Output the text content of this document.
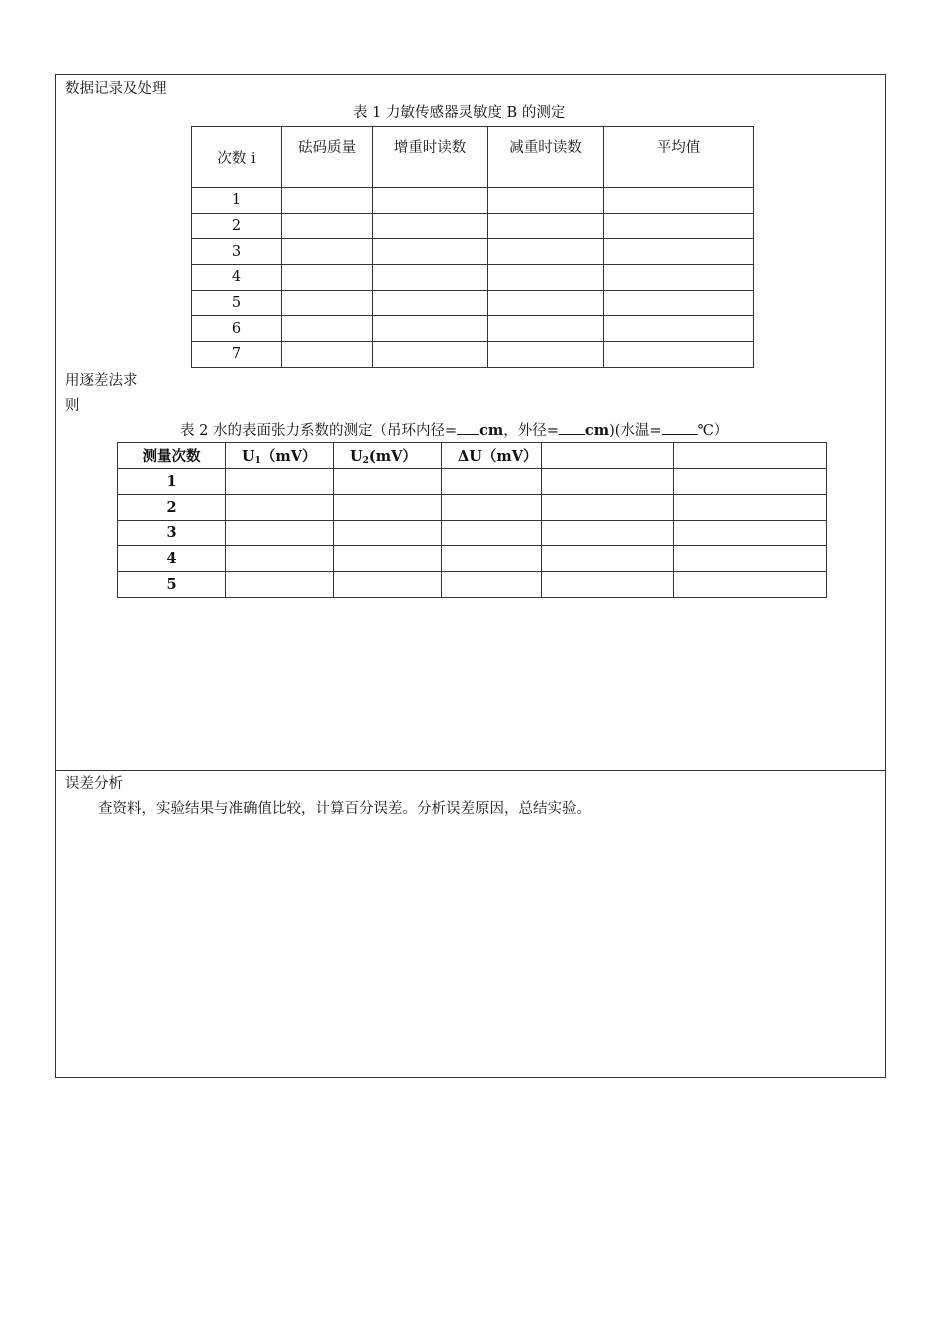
数据记录及处理
表 1 力敏传感器灵敏度 B 的测定
次数 i	砝码质量	增重时读数	减重时读数	平均值
1				
2				
3				
4				
5				
6				
7				
用逐差法求
则
表 2 水的表面张力系数的测定（吊环内径= cm，外径= cm)(水温= ℃）
测量次数	$U_1(mV)$	$U_2(mV)$	ΔU（mV）		
1					
2					
3					
4					
5					
误差分析
查资料，实验结果与准确值比较，计算百分误差。分析误差原因，总结实验。
